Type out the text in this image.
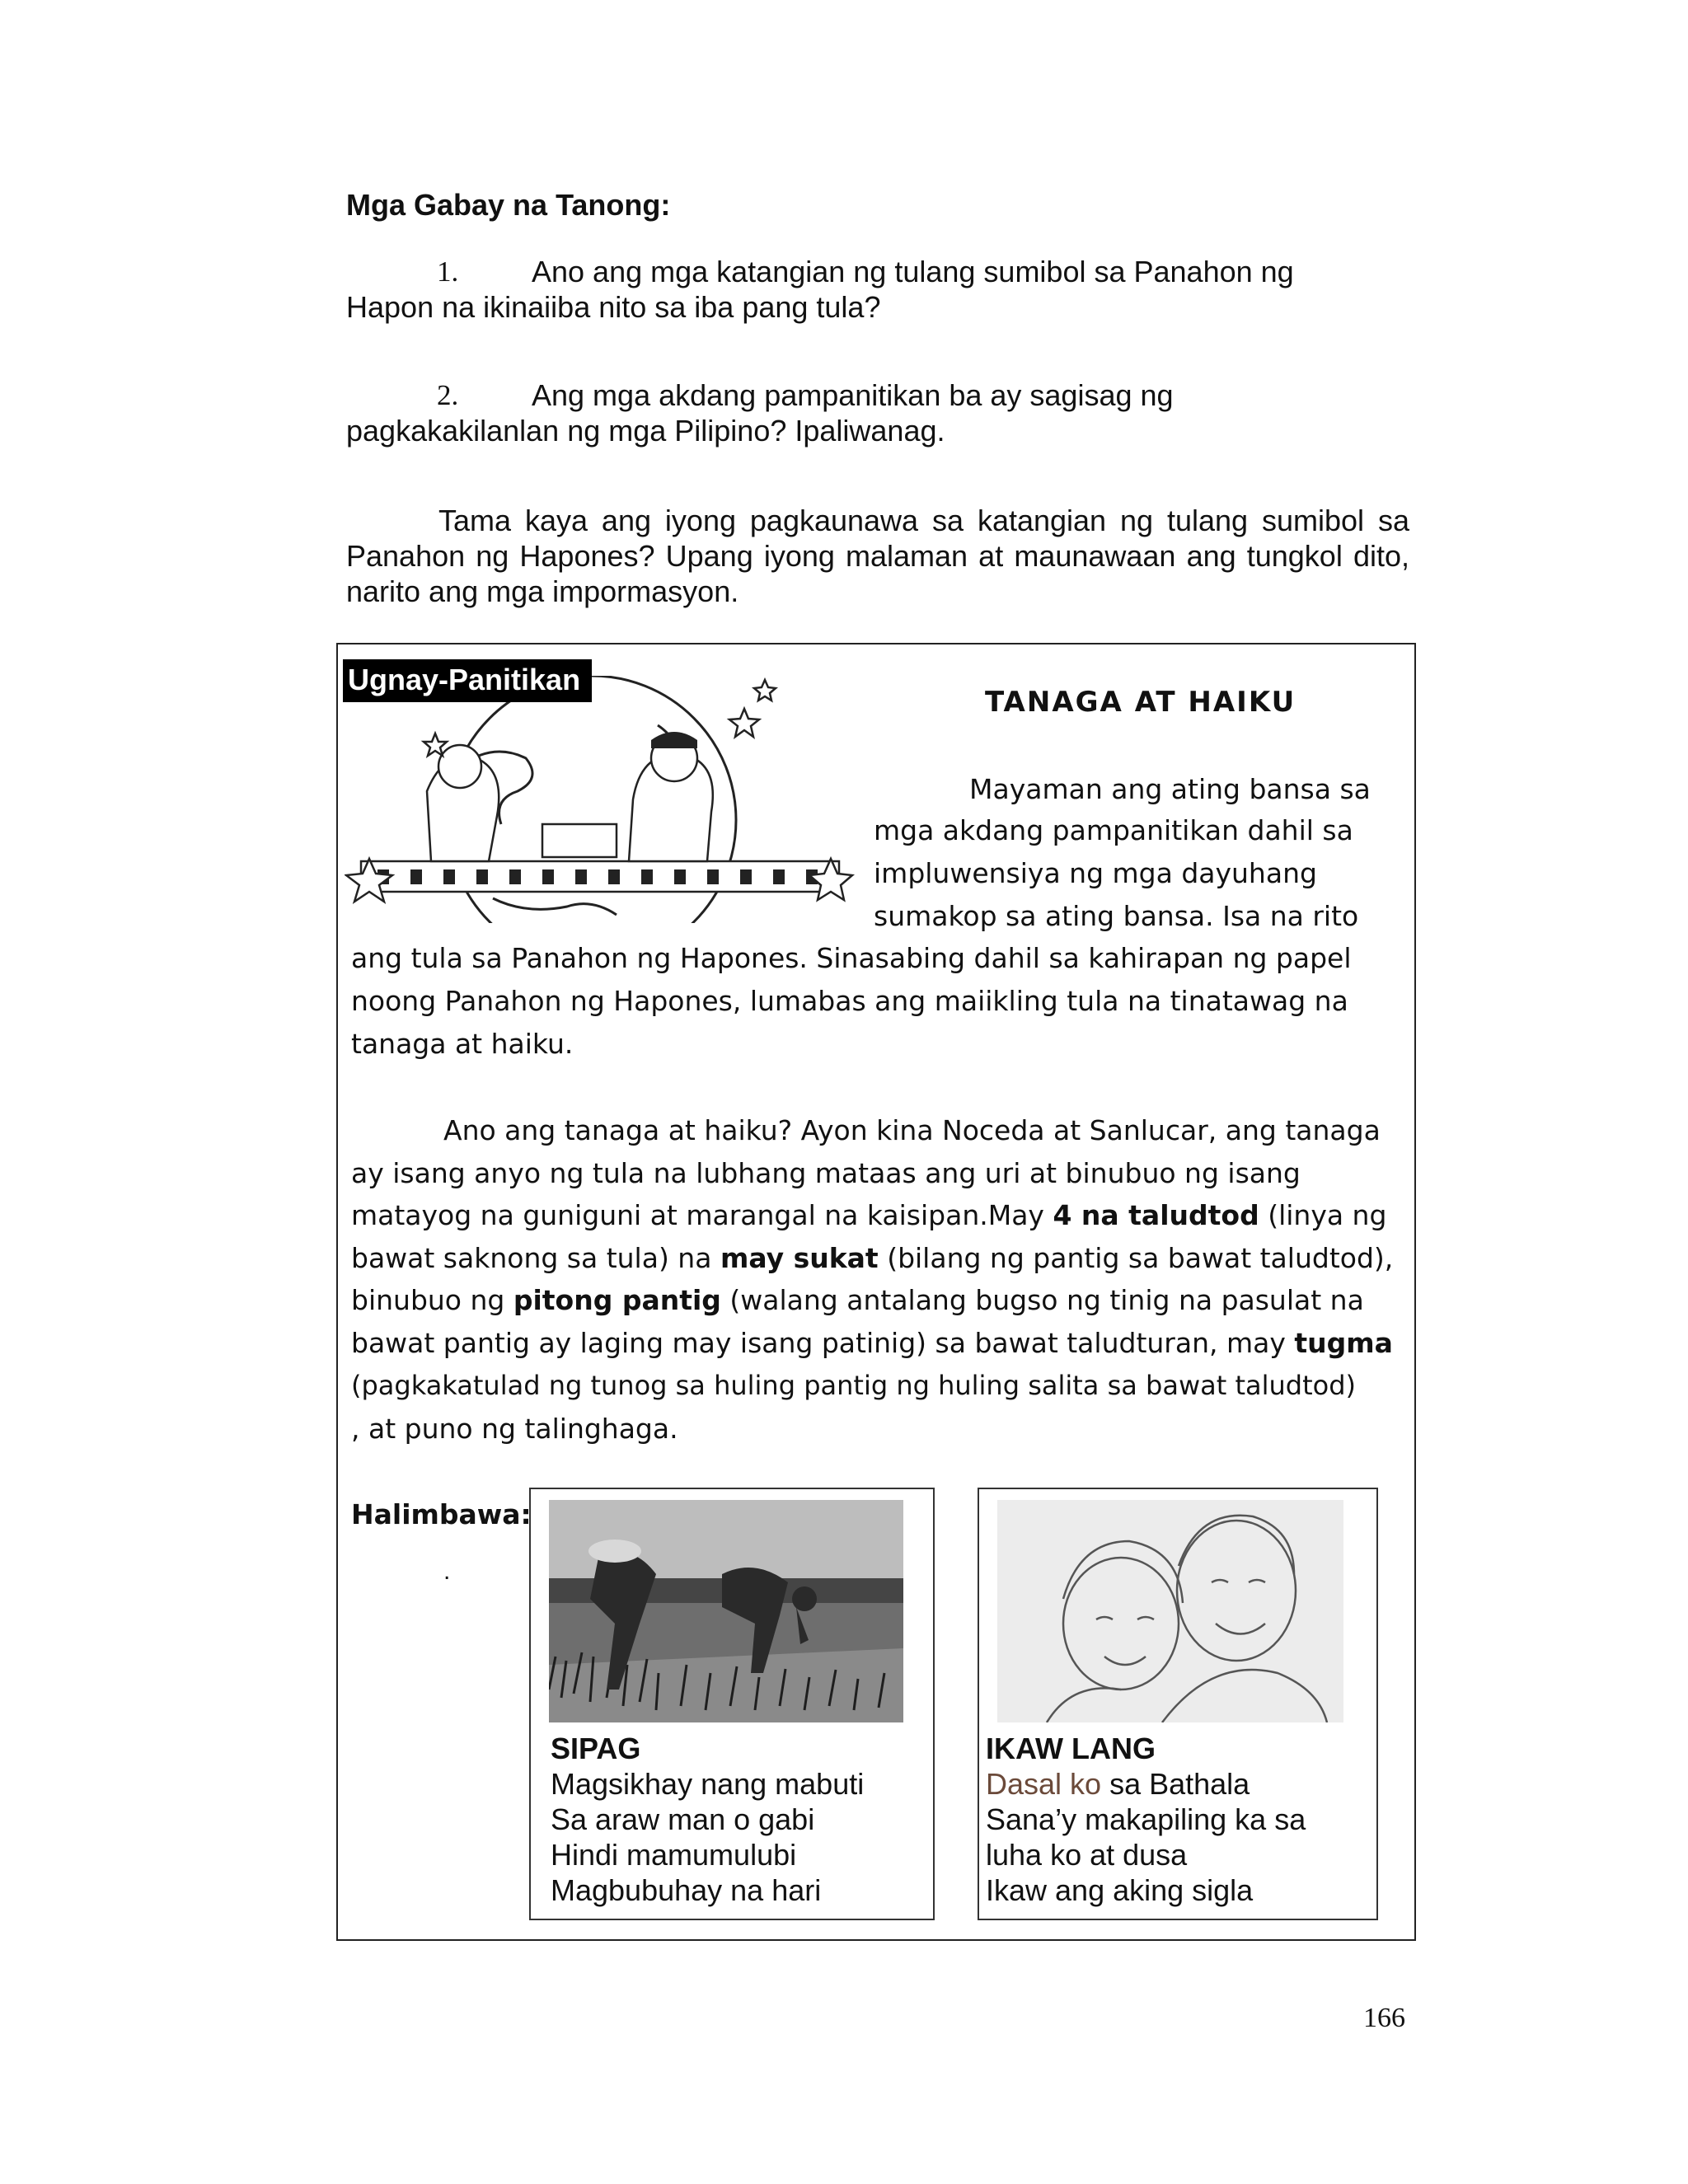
Mga Gabay na Tanong:
1.	Ano ang mga katangian ng tulang sumibol sa Panahon ng
Hapon na ikinaiiba nito sa iba pang tula?
2.	Ang mga akdang pampanitikan ba ay sagisag ng
pagkakakilanlan ng mga Pilipino? Ipaliwanag.
Tama kaya ang iyong pagkaunawa sa katangian ng tulang sumibol sa Panahon ng Hapones? Upang iyong malaman at maunawaan ang tungkol dito, narito ang mga impormasyon.
Ugnay-Panitikan
TANAGA AT HAIKU
Mayaman ang ating bansa sa
mga akdang pampanitikan dahil sa
impluwensiya ng mga dayuhang
sumakop sa ating bansa. Isa na rito
ang tula sa Panahon ng Hapones. Sinasabing dahil sa kahirapan ng papel
noong Panahon ng Hapones, lumabas ang maiikling tula na tinatawag na
tanaga at haiku.
Ano ang tanaga at haiku? Ayon kina Noceda at Sanlucar, ang tanaga
ay isang anyo ng tula na lubhang mataas ang uri at binubuo ng isang
matayog na guniguni at marangal na kaisipan.May 4 na taludtod (linya ng
bawat saknong sa tula) na may sukat (bilang ng pantig sa bawat taludtod),
binubuo ng pitong pantig (walang antalang bugso ng tinig na pasulat na
bawat pantig ay laging may isang patinig) sa bawat taludturan, may tugma
(pagkakatulad ng tunog sa huling pantig ng huling salita sa bawat taludtod)
, at puno ng talinghaga.
Halimbawa:
.
SIPAG
Magsikhay nang mabuti
Sa araw man o gabi
Hindi mamumulubi
Magbubuhay na hari
IKAW LANG
Dasal ko sa Bathala
Sana’y makapiling ka sa
luha ko at dusa
Ikaw ang aking sigla
166
